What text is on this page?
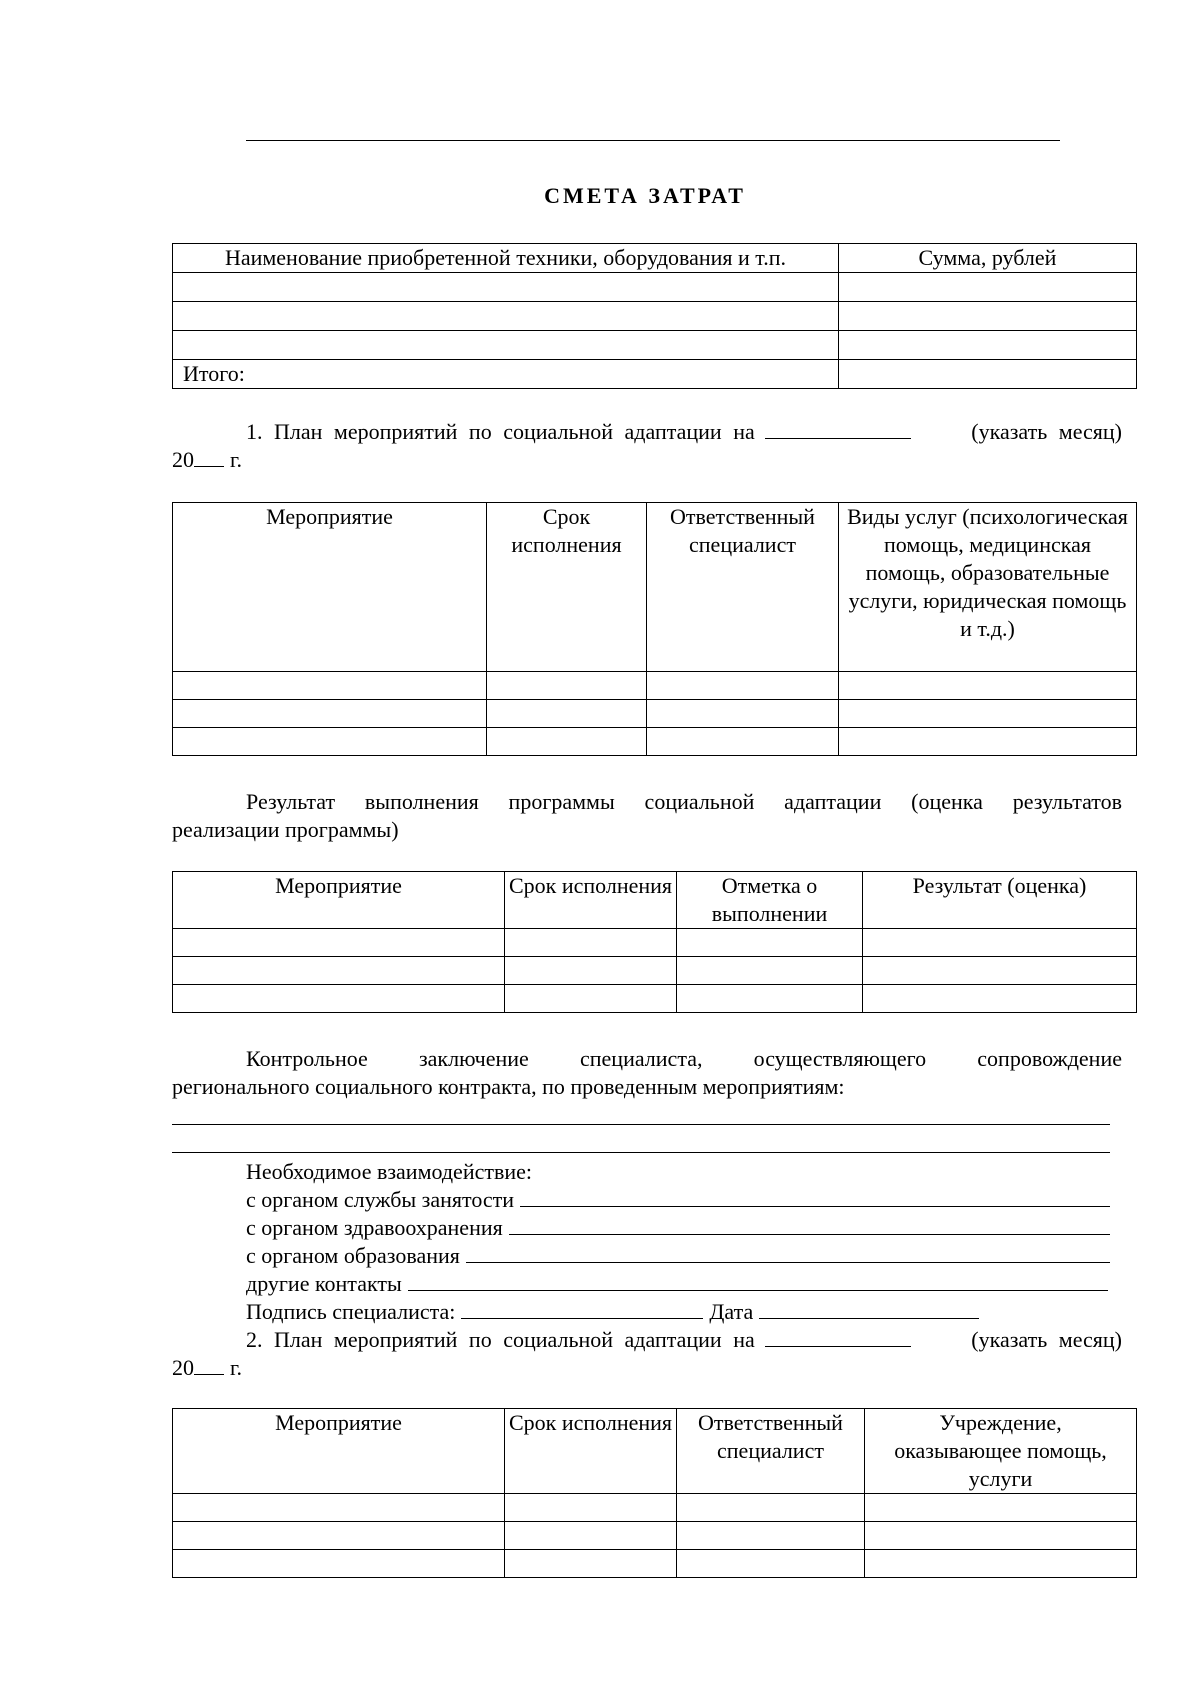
СМЕТА ЗАТРАТ
Наименование приобретенной техники, оборудования и т.п.	Сумма, рублей

Итого:	
1. План мероприятий по социальной адаптации на	(указать месяц)
20 г.
Мероприятие	Срок исполнения	Ответственный специалист	Виды услуг (психологическая помощь, медицинская помощь, образовательные услуги, юридическая помощь и т.д.)

Результат выполнения программы социальной адаптации (оценка результатов
реализации программы)
Мероприятие	Срок исполнения	Отметка о выполнении	Результат (оценка)

Контрольное заключение специалиста, осуществляющего сопровождение
регионального социального контракта, по проведенным мероприятиям:
Необходимое взаимодействие:
с органом службы занятости
с органом здравоохранения
с органом образования
другие контакты
Подпись специалиста:	Дата
2. План мероприятий по социальной адаптации на	(указать месяц)
20 г.
Мероприятие	Срок исполнения	Ответственный специалист	Учреждение, оказывающее помощь, услуги
